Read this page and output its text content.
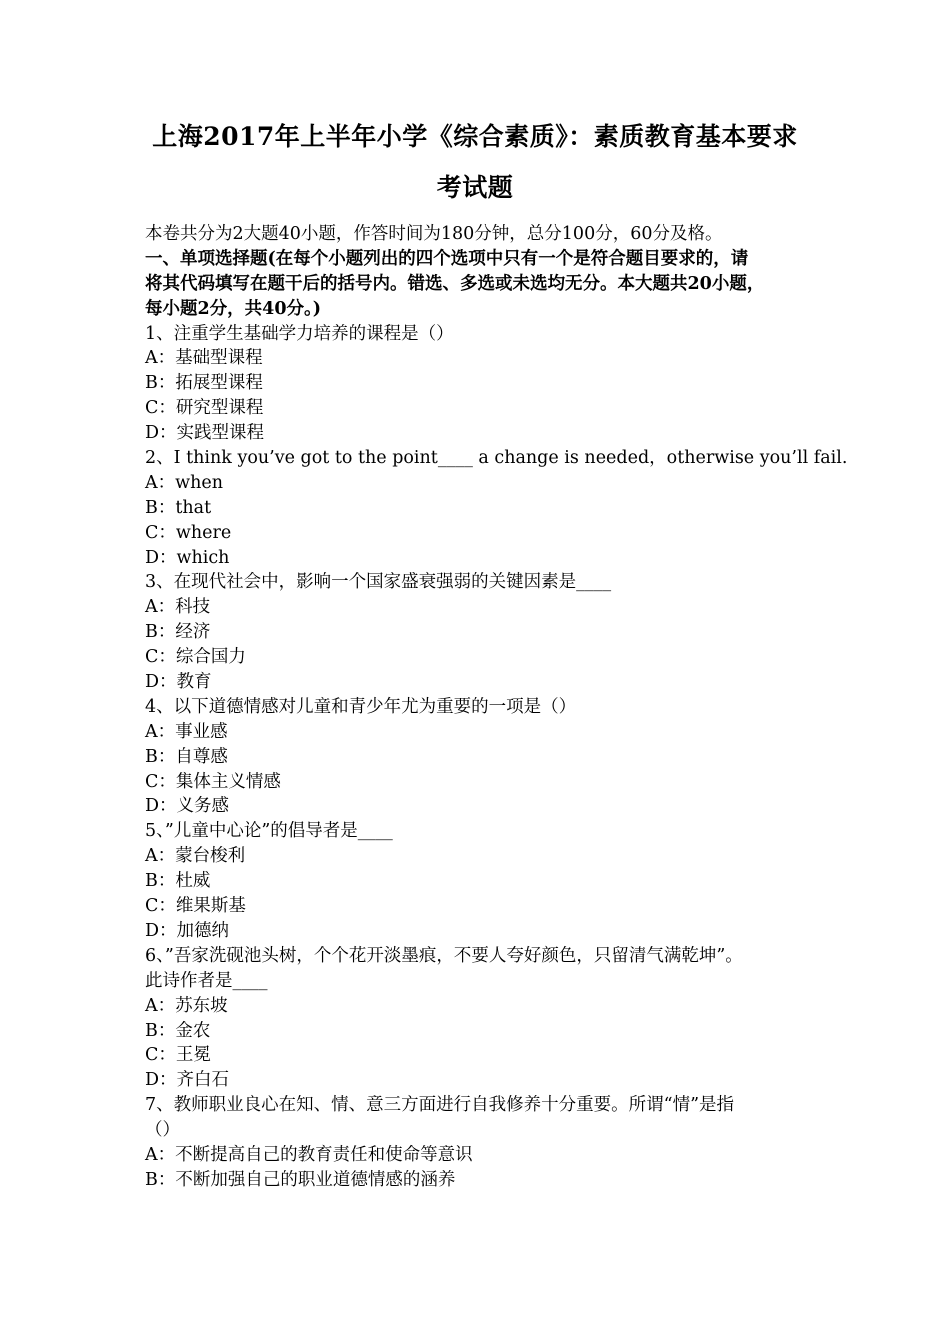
上海2017年上半年小学《综合素质》：素质教育基本要求
考试题
本卷共分为2大题40小题，作答时间为180分钟，总分100分，60分及格。
一、单项选择题(在每个小题列出的四个选项中只有一个是符合题目要求的，请
将其代码填写在题干后的括号内。错选、多选或未选均无分。本大题共20小题，
每小题2分，共40分。)
1、注重学生基础学力培养的课程是（）
A：基础型课程
B：拓展型课程
C：研究型课程
D：实践型课程
2、I think you’ve got to the point____ a change is needed，otherwise you’ll fail.
A：when
B：that
C：where
D：which
3、在现代社会中，影响一个国家盛衰强弱的关键因素是____
A：科技
B：经济
C：综合国力
D：教育
4、以下道德情感对儿童和青少年尤为重要的一项是（）
A：事业感
B：自尊感
C：集体主义情感
D：义务感
5、”儿童中心论”的倡导者是____
A：蒙台梭利
B：杜威
C：维果斯基
D：加德纳
6、”吾家洗砚池头树，个个花开淡墨痕，不要人夸好颜色，只留清气满乾坤”。
此诗作者是____
A：苏东坡
B：金农
C：王冕
D：齐白石
7、教师职业良心在知、情、意三方面进行自我修养十分重要。所谓“情”是指
（）
A：不断提高自己的教育责任和使命等意识
B：不断加强自己的职业道德情感的涵养
